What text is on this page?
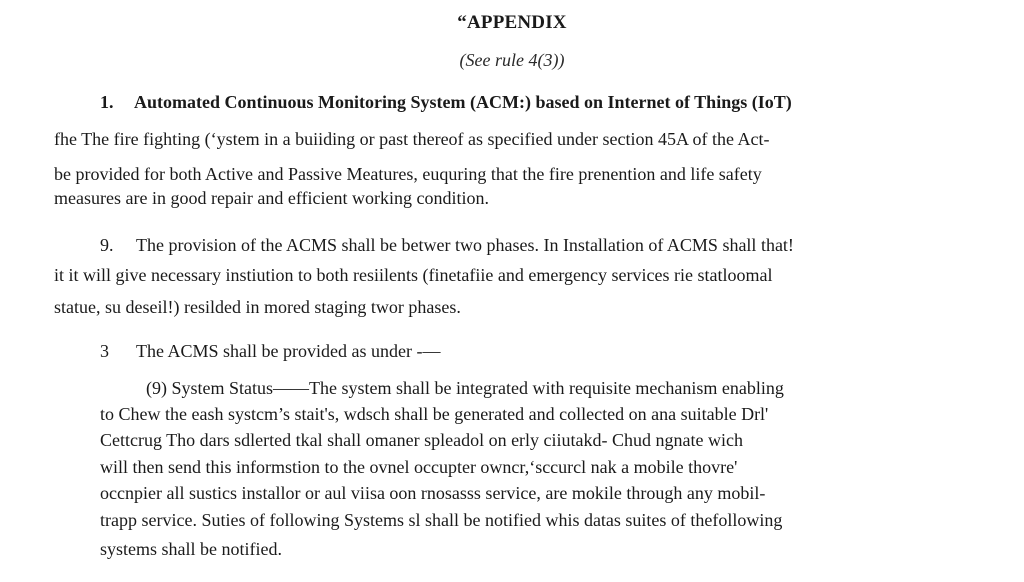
“APPENDIX
(See rule 4(3))
1. Automated Continuous Monitoring System (ACM:) based on Internet of Things (IoT)
fhe The fire fighting (‘ystem in a buiiding or past thereof as specified under section 45A of the Act-
be provided for both Active and Passive Meatures, euquring that the fire prenention and life safety
measures are in good repair and efficient working condition.
9. The provision of the ACMS shall be betwer two phases. In Installation of ACMS shall that!
it it will give necessary instiution to both resiilents (finetafiie and emergency services rie statloomal
statue, su deseil!) resilded in mored staging twor phases.
3 The ACMS shall be provided as under -—
(9) System Status——The system shall be integrated with requisite mechanism enabling
to Chew the eash systcm’s stait's, wdsch shall be generated and collected on ana suitable Drl'
Cettcrug Tho dars sdlerted tkal shall omaner spleadol on erly ciiutakd- Chud ngnate wich
will then send this informstion to the ovnel occupter owncr,‘sccurcl nak a mobile thovre'
occnpier all sustics installor or aul viisa oon rnosasss service, are mokile through any mobil-
trapp service. Suties of following Systems sl shall be notified whis datas suites of thefollowing
systems shall be notified.
